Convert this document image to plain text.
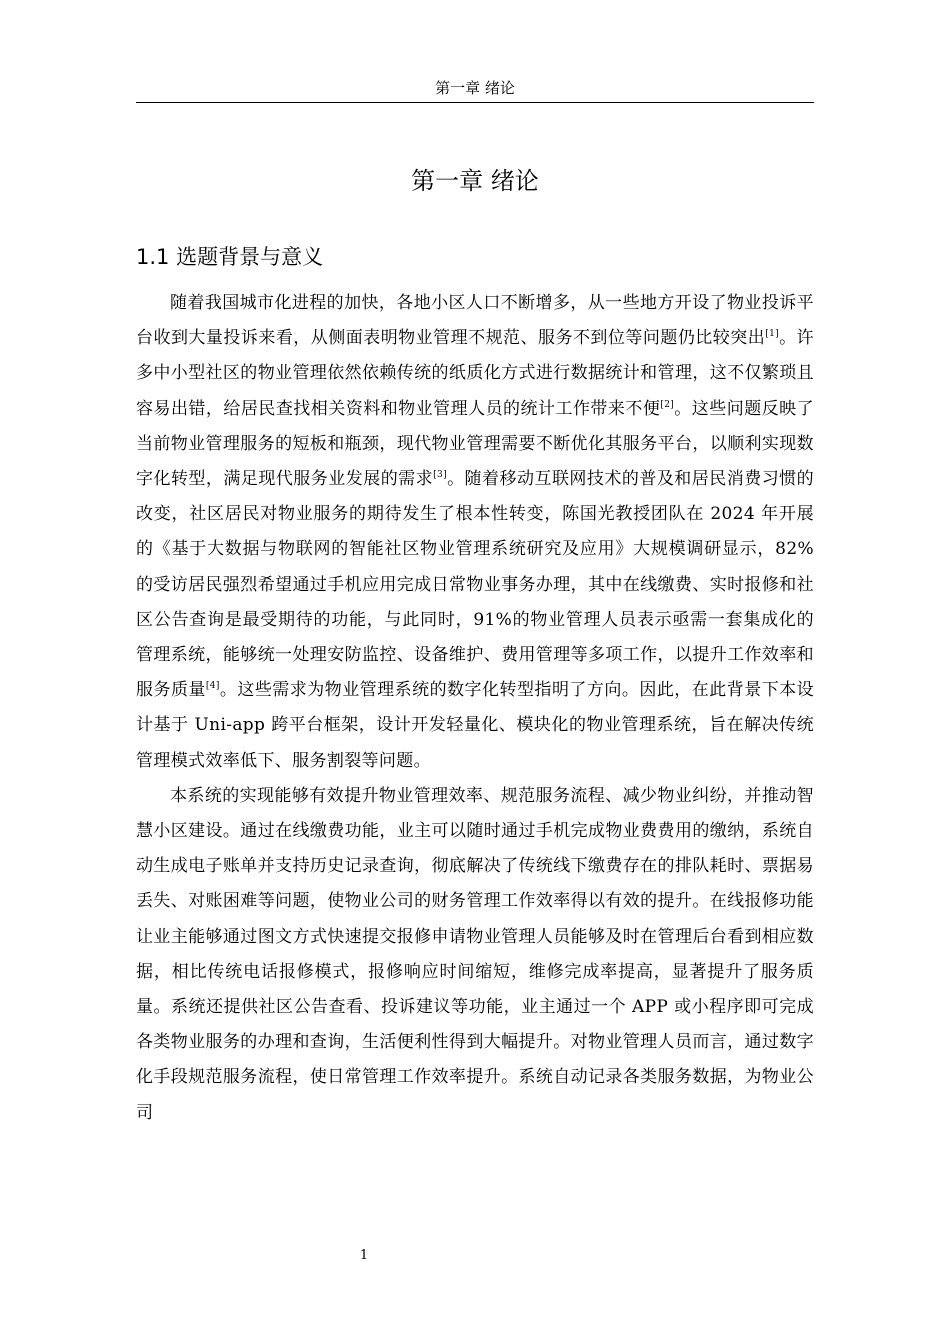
第一章 绪论
第一章 绪论
1.1 选题背景与意义

随着我国城市化进程的加快，各地小区人口不断增多，从一些地方开设了物业投诉平台收到大量投诉来看，从侧面表明物业管理不规范、服务不到位等问题仍比较突出[1]。许多中小型社区的物业管理依然依赖传统的纸质化方式进行数据统计和管理，这不仅繁琐且容易出错，给居民查找相关资料和物业管理人员的统计工作带来不便[2]。这些问题反映了当前物业管理服务的短板和瓶颈，现代物业管理需要不断优化其服务平台，以顺利实现数字化转型，满足现代服务业发展的需求[3]。随着移动互联网技术的普及和居民消费习惯的改变，社区居民对物业服务的期待发生了根本性转变，陈国光教授团队在 2024 年开展的《基于大数据与物联网的智能社区物业管理系统研究及应用》大规模调研显示，82%的受访居民强烈希望通过手机应用完成日常物业事务办理，其中在线缴费、实时报修和社区公告查询是最受期待的功能，与此同时，91%的物业管理人员表示亟需一套集成化的管理系统，能够统一处理安防监控、设备维护、费用管理等多项工作，以提升工作效率和服务质量[4]。这些需求为物业管理系统的数字化转型指明了方向。因此，在此背景下本设计基于 Uni-app 跨平台框架，设计开发轻量化、模块化的物业管理系统，旨在解决传统管理模式效率低下、服务割裂等问题。

本系统的实现能够有效提升物业管理效率、规范服务流程、减少物业纠纷，并推动智慧小区建设。通过在线缴费功能，业主可以随时通过手机完成物业费费用的缴纳，系统自动生成电子账单并支持历史记录查询，彻底解决了传统线下缴费存在的排队耗时、票据易丢失、对账困难等问题，使物业公司的财务管理工作效率得以有效的提升。在线报修功能让业主能够通过图文方式快速提交报修申请物业管理人员能够及时在管理后台看到相应数据，相比传统电话报修模式，报修响应时间缩短，维修完成率提高，显著提升了服务质量。系统还提供社区公告查看、投诉建议等功能，业主通过一个 APP 或小程序即可完成各类物业服务的办理和查询，生活便利性得到大幅提升。对物业管理人员而言，通过数字化手段规范服务流程，使日常管理工作效率提升。系统自动记录各类服务数据，为物业公司

1
